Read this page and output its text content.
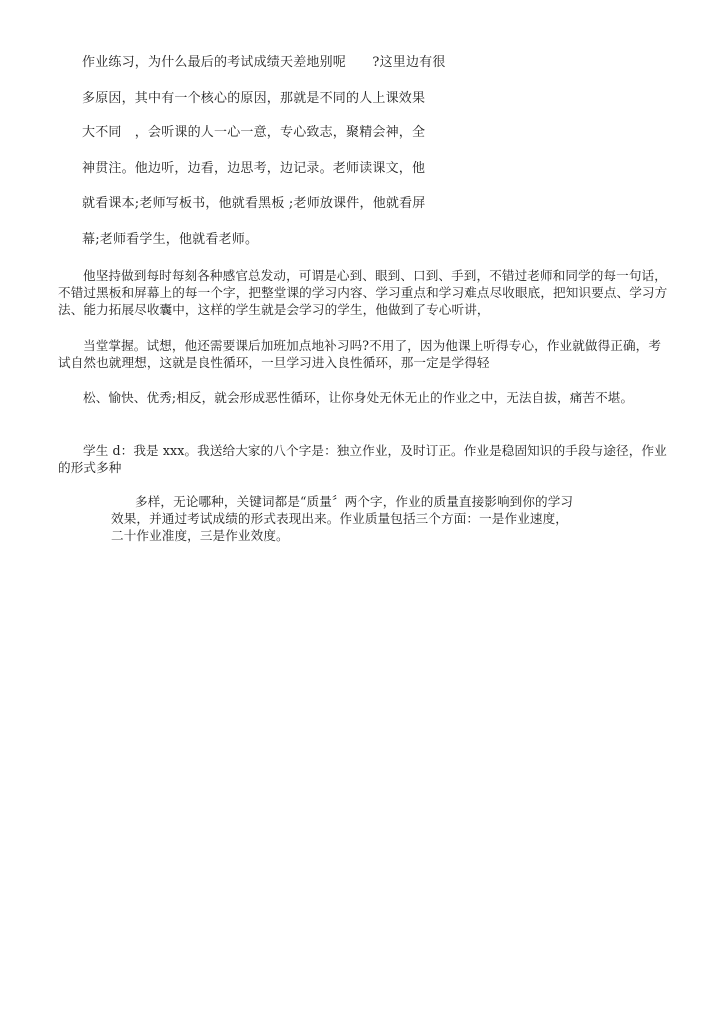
作业练习，为什么最后的考试成绩天差地别呢　　?这里边有很

多原因，其中有一个核心的原因，那就是不同的人上课效果

大不同　，会听课的人一心一意，专心致志，聚精会神，全

神贯注。他边听，边看，边思考，边记录。老师读课文，他

就看课本;老师写板书，他就看黑板 ;老师放课件，他就看屏

幕;老师看学生，他就看老师。

他坚持做到每时每刻各种感官总发动，可谓是心到、眼到、口到、手到，不错过老师和同学的每一句话，不错过黑板和屏幕上的每一个字，把整堂课的学习内容、学习重点和学习难点尽收眼底，把知识要点、学习方法、能力拓展尽收囊中，这样的学生就是会学习的学生，他做到了专心听讲，

当堂掌握。试想，他还需要课后加班加点地补习吗?不用了，因为他课上听得专心，作业就做得正确，考试自然也就理想，这就是良性循环，一旦学习进入良性循环，那一定是学得轻

松、愉快、优秀;相反，就会形成恶性循环，让你身处无休无止的作业之中，无法自拔，痛苦不堪。

学生 d：我是 xxx。我送给大家的八个字是：独立作业，及时订正。作业是稳固知识的手段与途径，作业的形式多种

多样，无论哪种，关键词都是“质量〞两个字，作业的质量直接影响到你的学习效果，并通过考试成绩的形式表现出来。作业质量包括三个方面：一是作业速度，二十作业准度，三是作业效度。
